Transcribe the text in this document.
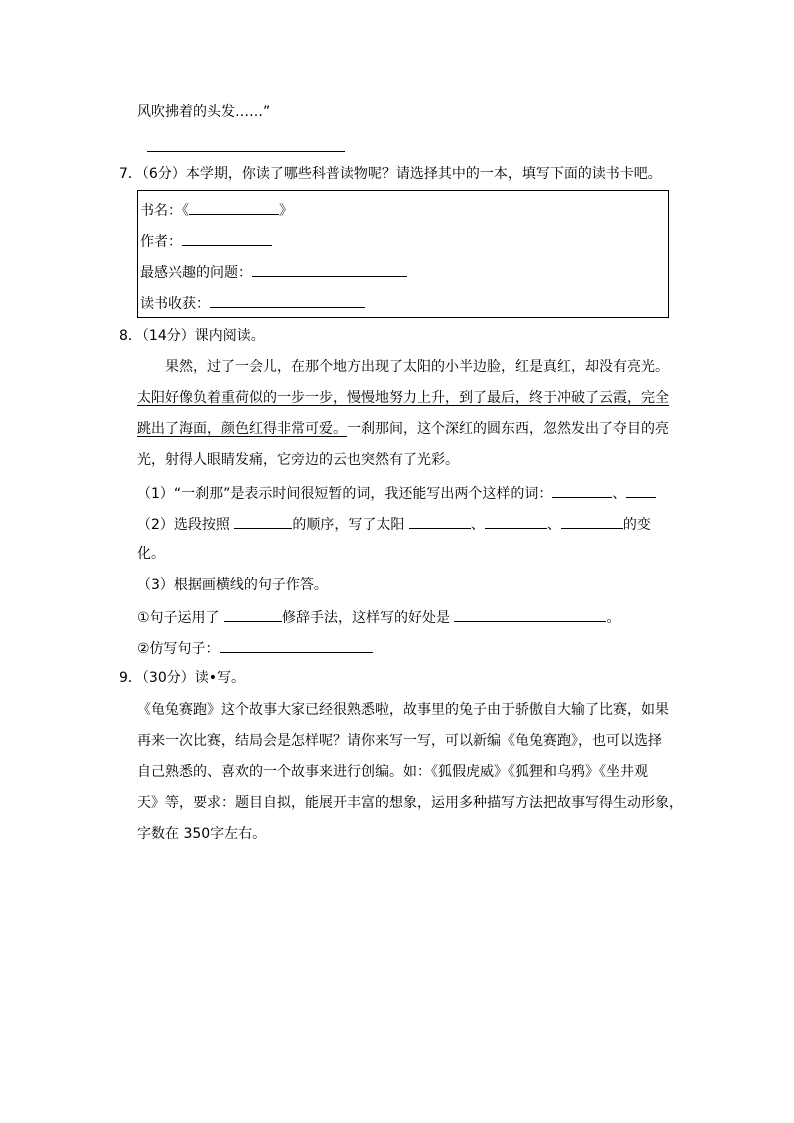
风吹拂着的头发……”
7．（6分）本学期，你读了哪些科普读物呢？请选择其中的一本，填写下面的读书卡吧。
书名：《	》
作者：
最感兴趣的问题：
读书收获：
8．（14分）课内阅读。
果然，过了一会儿，在那个地方出现了太阳的小半边脸，红是真红，却没有亮光。
太阳好像负着重荷似的一步一步，慢慢地努力上升，到了最后，终于冲破了云霞，完全
跳出了海面，颜色红得非常可爱。一刹那间，这个深红的圆东西，忽然发出了夺目的亮
光，射得人眼睛发痛，它旁边的云也突然有了光彩。
（1）“一刹那”是表示时间很短暂的词，我还能写出两个这样的词：	、
（2）选段按照	的顺序，写了太阳	、	、	的变
化。
（3）根据画横线的句子作答。
①句子运用了	修辞手法，这样写的好处是	。
②仿写句子：
9．（30分）读•写。
《龟兔赛跑》这个故事大家已经很熟悉啦，故事里的兔子由于骄傲自大输了比赛，如果
再来一次比赛，结局会是怎样呢？请你来写一写，可以新编《龟兔赛跑》，也可以选择
自己熟悉的、喜欢的一个故事来进行创编。如：《狐假虎威》《狐狸和乌鸦》《坐井观
天》等，要求：题目自拟，能展开丰富的想象，运用多种描写方法把故事写得生动形象，
字数在 350字左右。
